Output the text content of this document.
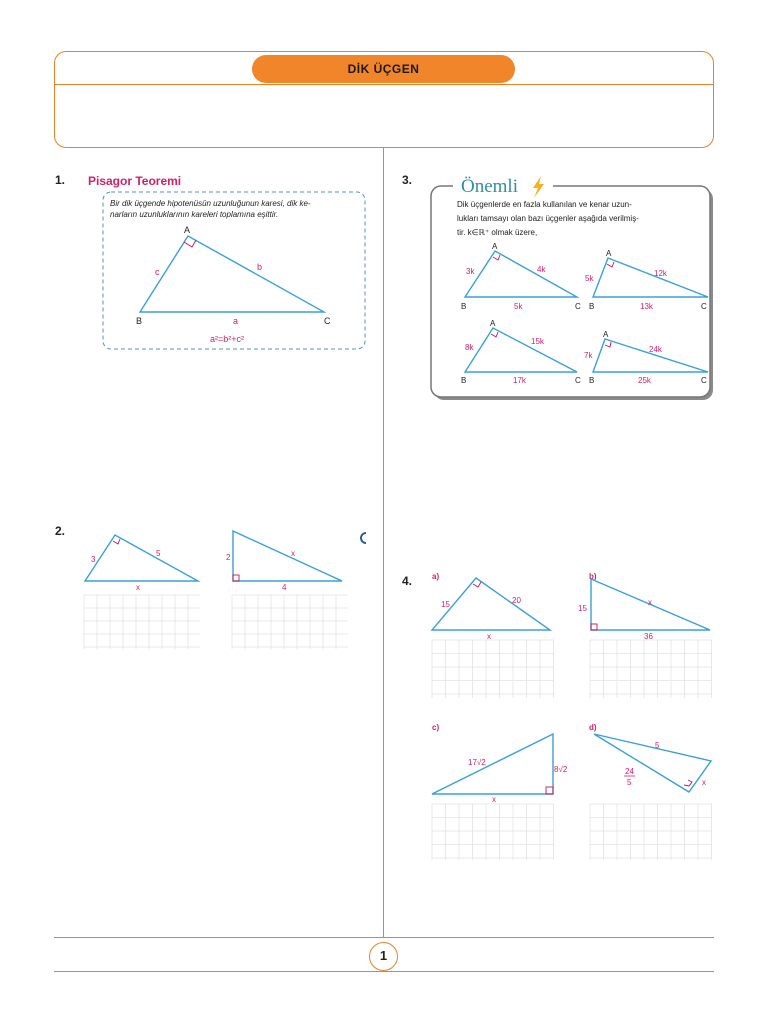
DİK ÜÇGEN
1. Pisagor Teoremi
Bir dik üçgende hipotenüsün uzunluğunun karesi, dik ke-
narların uzunluklarının kareleri toplamına eşittir.
A
B	C
c	b
a
a²=b²+c²
2.
3
5
x
2	x
4
3.	Önemli
Dik üçgenlerde en fazla kullanılan ve kenar uzun-
lukları tamsayı olan bazı üçgenler aşağıda verilmiş-
tir. k∈ℝ⁺ olmak üzere,
A
B	C
3k	4k
5k
A
B	C
5k
12k
13k
A
B	C
8k
15k
17k
A
B	C
7k
24k
25k
4. a)
15	20
x
b)
15
x
36
c)
17√2
8√2
x
d)
5
24
5	x
1
